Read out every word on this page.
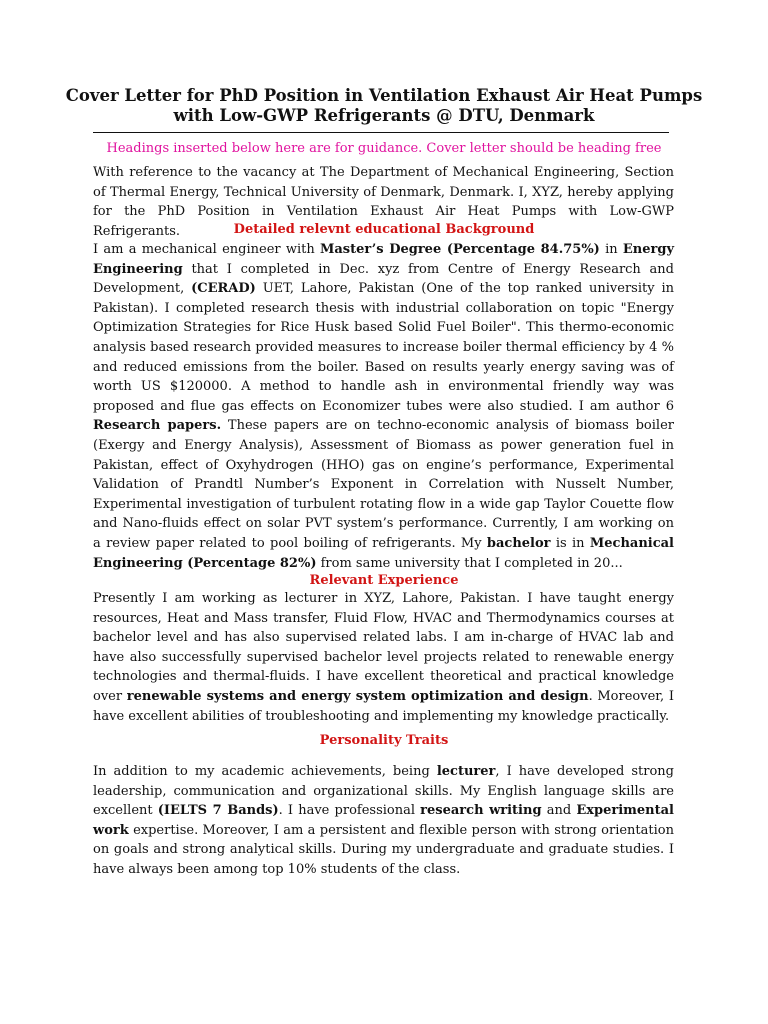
Cover Letter for PhD Position in Ventilation Exhaust Air Heat Pumps
with Low-GWP Refrigerants @ DTU, Denmark
Headings inserted below here are for guidance. Cover letter should be heading free
With reference to the vacancy at The Department of Mechanical Engineering, Section of Thermal Energy, Technical University of Denmark, Denmark. I, XYZ, hereby applying for the PhD Position in Ventilation Exhaust Air Heat Pumps with Low-GWP Refrigerants.	Detailed relevnt educational Background
I am a mechanical engineer with Master’s Degree (Percentage 84.75%) in Energy Engineering that I completed in Dec. xyz from Centre of Energy Research and Development, (CERAD) UET, Lahore, Pakistan (One of the top ranked university in Pakistan). I completed research thesis with industrial collaboration on topic "Energy Optimization Strategies for Rice Husk based Solid Fuel Boiler". This thermo-economic analysis based research provided measures to increase boiler thermal efficiency by 4 % and reduced emissions from the boiler. Based on results yearly energy saving was of worth US $120000. A method to handle ash in environmental friendly way was proposed and flue gas effects on Economizer tubes were also studied. I am author 6 Research papers. These papers are on techno-economic analysis of biomass boiler (Exergy and Energy Analysis), Assessment of Biomass as power generation fuel in Pakistan, effect of Oxyhydrogen (HHO) gas on engine’s performance, Experimental Validation of Prandtl Number’s Exponent in Correlation with Nusselt Number, Experimental investigation of turbulent rotating flow in a wide gap Taylor Couette flow and Nano-fluids effect on solar PVT system’s performance. Currently, I am working on a review paper related to pool boiling of refrigerants. My bachelor is in Mechanical Engineering (Percentage 82%) from same university that I completed in 20...
Relevant Experience
Presently I am working as lecturer in XYZ, Lahore, Pakistan. I have taught energy resources, Heat and Mass transfer, Fluid Flow, HVAC and Thermodynamics courses at bachelor level and has also supervised related labs. I am in-charge of HVAC lab and have also successfully supervised bachelor level projects related to renewable energy technologies and thermal-fluids. I have excellent theoretical and practical knowledge over renewable systems and energy system optimization and design. Moreover, I have excellent abilities of troubleshooting and implementing my knowledge practically.
Personality Traits
In addition to my academic achievements, being lecturer, I have developed strong leadership, communication and organizational skills. My English language skills are excellent (IELTS 7 Bands). I have professional research writing and Experimental work expertise. Moreover, I am a persistent and flexible person with strong orientation on goals and strong analytical skills. During my undergraduate and graduate studies. I have always been among top 10% students of the class.
